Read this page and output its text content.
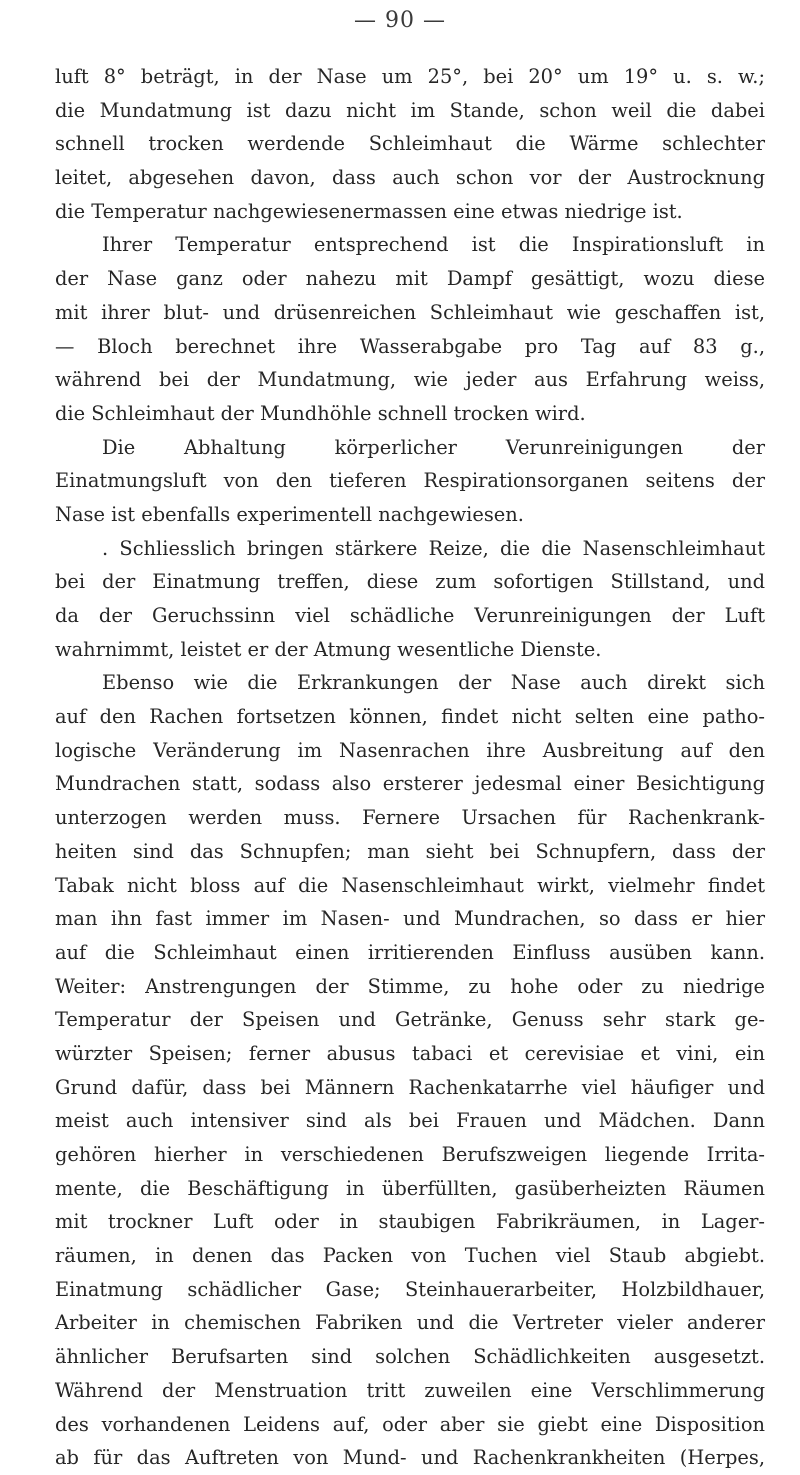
— 90 —
luft 8° beträgt, in der Nase um 25°, bei 20° um 19° u. s. w.;
die Mundatmung ist dazu nicht im Stande, schon weil die dabei
schnell trocken werdende Schleimhaut die Wärme schlechter
leitet, abgesehen davon, dass auch schon vor der Austrocknung
die Temperatur nachgewiesenermassen eine etwas niedrige ist.
Ihrer Temperatur entsprechend ist die Inspirationsluft in
der Nase ganz oder nahezu mit Dampf gesättigt, wozu diese
mit ihrer blut- und drüsenreichen Schleimhaut wie geschaffen ist,
— Bloch berechnet ihre Wasserabgabe pro Tag auf 83 g.,
während bei der Mundatmung, wie jeder aus Erfahrung weiss,
die Schleimhaut der Mundhöhle schnell trocken wird.
Die Abhaltung körperlicher Verunreinigungen der
Einatmungsluft von den tieferen Respirationsorganen seitens der
Nase ist ebenfalls experimentell nachgewiesen.
. Schliesslich bringen stärkere Reize, die die Nasenschleimhaut
bei der Einatmung treffen, diese zum sofortigen Stillstand, und
da der Geruchssinn viel schädliche Verunreinigungen der Luft
wahrnimmt, leistet er der Atmung wesentliche Dienste.
Ebenso wie die Erkrankungen der Nase auch direkt sich
auf den Rachen fortsetzen können, findet nicht selten eine patho-
logische Veränderung im Nasenrachen ihre Ausbreitung auf den
Mundrachen statt, sodass also ersterer jedesmal einer Besichtigung
unterzogen werden muss. Fernere Ursachen für Rachenkrank-
heiten sind das Schnupfen; man sieht bei Schnupfern, dass der
Tabak nicht bloss auf die Nasenschleimhaut wirkt, vielmehr findet
man ihn fast immer im Nasen- und Mundrachen, so dass er hier
auf die Schleimhaut einen irritierenden Einfluss ausüben kann.
Weiter: Anstrengungen der Stimme, zu hohe oder zu niedrige
Temperatur der Speisen und Getränke, Genuss sehr stark ge-
würzter Speisen; ferner abusus tabaci et cerevisiae et vini, ein
Grund dafür, dass bei Männern Rachenkatarrhe viel häufiger und
meist auch intensiver sind als bei Frauen und Mädchen. Dann
gehören hierher in verschiedenen Berufszweigen liegende Irrita-
mente, die Beschäftigung in überfüllten, gasüberheizten Räumen
mit trockner Luft oder in staubigen Fabrikräumen, in Lager-
räumen, in denen das Packen von Tuchen viel Staub abgiebt.
Einatmung schädlicher Gase; Steinhauerarbeiter, Holzbildhauer,
Arbeiter in chemischen Fabriken und die Vertreter vieler anderer
ähnlicher Berufsarten sind solchen Schädlichkeiten ausgesetzt.
Während der Menstruation tritt zuweilen eine Verschlimmerung
des vorhandenen Leidens auf, oder aber sie giebt eine Disposition
ab für das Auftreten von Mund- und Rachenkrankheiten (Herpes,
